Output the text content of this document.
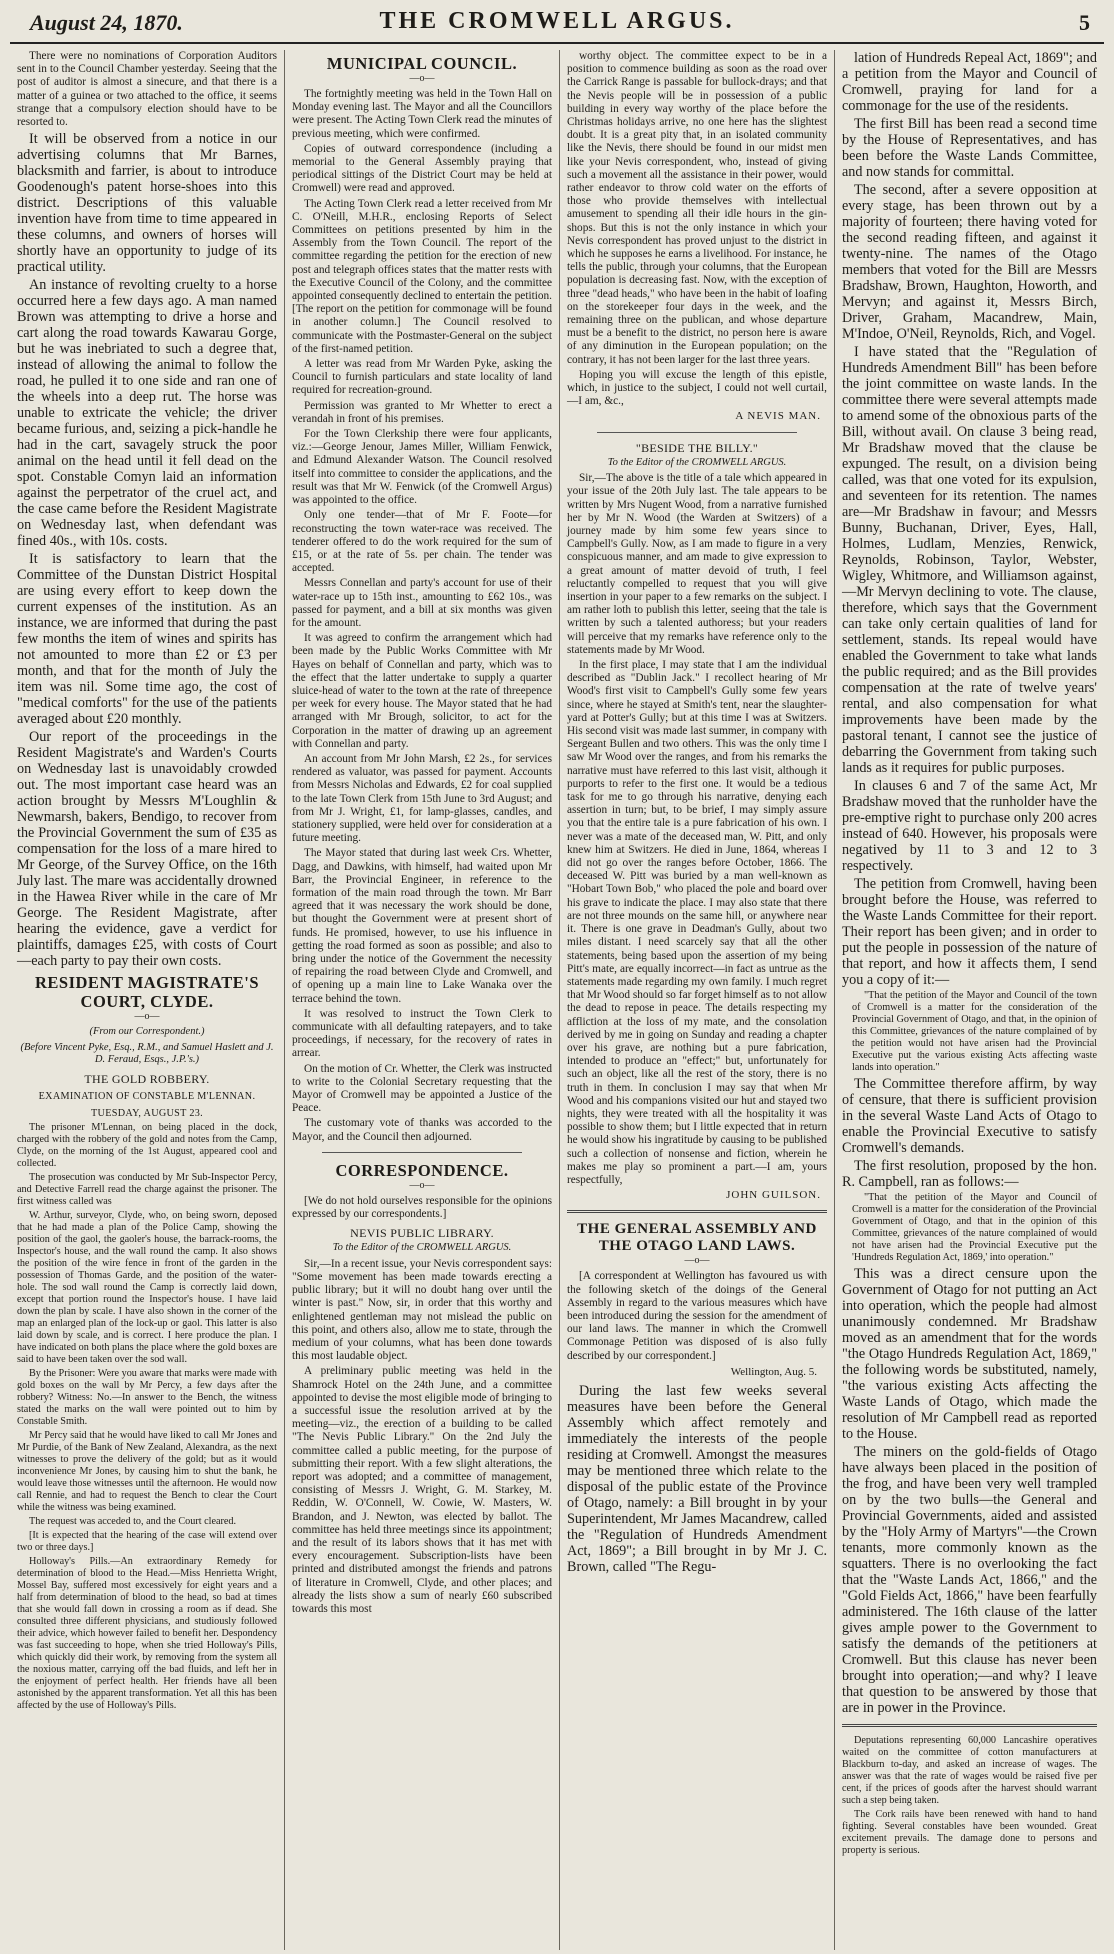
August 24, 1870.	THE CROMWELL ARGUS.	5

There were no nominations of Corporation Auditors sent in to the Council Chamber yesterday. Seeing that the post of auditor is almost a sinecure, and that there is a matter of a guinea or two attached to the office, it seems strange that a compulsory election should have to be resorted to.

It will be observed from a notice in our advertising columns that Mr Barnes, blacksmith and farrier, is about to introduce Goodenough's patent horse-shoes into this district. Descriptions of this valuable invention have from time to time appeared in these columns, and owners of horses will shortly have an opportunity to judge of its practical utility.

An instance of revolting cruelty to a horse occurred here a few days ago. A man named Brown was attempting to drive a horse and cart along the road towards Kawarau Gorge, but he was inebriated to such a degree that, instead of allowing the animal to follow the road, he pulled it to one side and ran one of the wheels into a deep rut. The horse was unable to extricate the vehicle; the driver became furious, and, seizing a pick-handle he had in the cart, savagely struck the poor animal on the head until it fell dead on the spot. Constable Comyn laid an information against the perpetrator of the cruel act, and the case came before the Resident Magistrate on Wednesday last, when defendant was fined 40s., with 10s. costs.

It is satisfactory to learn that the Committee of the Dunstan District Hospital are using every effort to keep down the current expenses of the institution. As an instance, we are informed that during the past few months the item of wines and spirits has not amounted to more than £2 or £3 per month, and that for the month of July the item was nil. Some time ago, the cost of "medical comforts" for the use of the patients averaged about £20 monthly.

Our report of the proceedings in the Resident Magistrate's and Warden's Courts on Wednesday last is unavoidably crowded out. The most important case heard was an action brought by Messrs M'Loughlin & Newmarsh, bakers, Bendigo, to recover from the Provincial Government the sum of £35 as compensation for the loss of a mare hired to Mr George, of the Survey Office, on the 16th July last. The mare was accidentally drowned in the Hawea River while in the care of Mr George. The Resident Magistrate, after hearing the evidence, gave a verdict for plaintiffs, damages £25, with costs of Court—each party to pay their own costs.

RESIDENT MAGISTRATE'S COURT, CLYDE.
—o—
(From our Correspondent.)
(Before Vincent Pyke, Esq., R.M., and Samuel Haslett and J. D. Feraud, Esqs., J.P.'s.)
THE GOLD ROBBERY.
EXAMINATION OF CONSTABLE M'LENNAN.
TUESDAY, AUGUST 23.

The prisoner M'Lennan, on being placed in the dock, charged with the robbery of the gold and notes from the Camp, Clyde, on the morning of the 1st August, appeared cool and collected.

The prosecution was conducted by Mr Sub-Inspector Percy, and Detective Farrell read the charge against the prisoner. The first witness called was

W. Arthur, surveyor, Clyde, who, on being sworn, deposed that he had made a plan of the Police Camp, showing the position of the gaol, the gaoler's house, the barrack-rooms, the Inspector's house, and the wall round the camp. It also shows the position of the wire fence in front of the garden in the possession of Thomas Garde, and the position of the water-hole. The sod wall round the Camp is correctly laid down, except that portion round the Inspector's house. I have laid down the plan by scale. I have also shown in the corner of the map an enlarged plan of the lock-up or gaol. This latter is also laid down by scale, and is correct. I here produce the plan. I have indicated on both plans the place where the gold boxes are said to have been taken over the sod wall.

By the Prisoner: Were you aware that marks were made with gold boxes on the wall by Mr Percy, a few days after the robbery? Witness: No.—In answer to the Bench, the witness stated the marks on the wall were pointed out to him by Constable Smith.

Mr Percy said that he would have liked to call Mr Jones and Mr Purdie, of the Bank of New Zealand, Alexandra, as the next witnesses to prove the delivery of the gold; but as it would inconvenience Mr Jones, by causing him to shut the bank, he would leave those witnesses until the afternoon. He would now call Rennie, and had to request the Bench to clear the Court while the witness was being examined.

The request was acceded to, and the Court cleared.

[It is expected that the hearing of the case will extend over two or three days.]

Holloway's Pills.—An extraordinary Remedy for determination of blood to the Head.—Miss Henrietta Wright, Mossel Bay, suffered most excessively for eight years and a half from determination of blood to the head, so bad at times that she would fall down in crossing a room as if dead. She consulted three different physicians, and studiously followed their advice, which however failed to benefit her. Despondency was fast succeeding to hope, when she tried Holloway's Pills, which quickly did their work, by removing from the system all the noxious matter, carrying off the bad fluids, and left her in the enjoyment of perfect health. Her friends have all been astonished by the apparent transformation. Yet all this has been affected by the use of Holloway's Pills.

MUNICIPAL COUNCIL.
—o—

The fortnightly meeting was held in the Town Hall on Monday evening last. The Mayor and all the Councillors were present. The Acting Town Clerk read the minutes of previous meeting, which were confirmed.

Copies of outward correspondence (including a memorial to the General Assembly praying that periodical sittings of the District Court may be held at Cromwell) were read and approved.

The Acting Town Clerk read a letter received from Mr C. O'Neill, M.H.R., enclosing Reports of Select Committees on petitions presented by him in the Assembly from the Town Council. The report of the committee regarding the petition for the erection of new post and telegraph offices states that the matter rests with the Executive Council of the Colony, and the committee appointed consequently declined to entertain the petition. [The report on the petition for commonage will be found in another column.] The Council resolved to communicate with the Postmaster-General on the subject of the first-named petition.

A letter was read from Mr Warden Pyke, asking the Council to furnish particulars and state locality of land required for recreation-ground.

Permission was granted to Mr Whetter to erect a verandah in front of his premises.

For the Town Clerkship there were four applicants, viz.:—George Jenour, James Miller, William Fenwick, and Edmund Alexander Watson. The Council resolved itself into committee to consider the applications, and the result was that Mr W. Fenwick (of the Cromwell Argus) was appointed to the office.

Only one tender—that of Mr F. Foote—for reconstructing the town water-race was received. The tenderer offered to do the work required for the sum of £15, or at the rate of 5s. per chain. The tender was accepted.

Messrs Connellan and party's account for use of their water-race up to 15th inst., amounting to £62 10s., was passed for payment, and a bill at six months was given for the amount.

It was agreed to confirm the arrangement which had been made by the Public Works Committee with Mr Hayes on behalf of Connellan and party, which was to the effect that the latter undertake to supply a quarter sluice-head of water to the town at the rate of threepence per week for every house. The Mayor stated that he had arranged with Mr Brough, solicitor, to act for the Corporation in the matter of drawing up an agreement with Connellan and party.

An account from Mr John Marsh, £2 2s., for services rendered as valuator, was passed for payment. Accounts from Messrs Nicholas and Edwards, £2 for coal supplied to the late Town Clerk from 15th June to 3rd August; and from Mr J. Wright, £1, for lamp-glasses, candles, and stationery supplied, were held over for consideration at a future meeting.

The Mayor stated that during last week Crs. Whetter, Dagg, and Dawkins, with himself, had waited upon Mr Barr, the Provincial Engineer, in reference to the formation of the main road through the town. Mr Barr agreed that it was necessary the work should be done, but thought the Government were at present short of funds. He promised, however, to use his influence in getting the road formed as soon as possible; and also to bring under the notice of the Government the necessity of repairing the road between Clyde and Cromwell, and of opening up a main line to Lake Wanaka over the terrace behind the town.

It was resolved to instruct the Town Clerk to communicate with all defaulting ratepayers, and to take proceedings, if necessary, for the recovery of rates in arrear.

On the motion of Cr. Whetter, the Clerk was instructed to write to the Colonial Secretary requesting that the Mayor of Cromwell may be appointed a Justice of the Peace.

The customary vote of thanks was accorded to the Mayor, and the Council then adjourned.

CORRESPONDENCE.
—o—

[We do not hold ourselves responsible for the opinions expressed by our correspondents.]

NEVIS PUBLIC LIBRARY.
To the Editor of the CROMWELL ARGUS.

Sir,—In a recent issue, your Nevis correspondent says: "Some movement has been made towards erecting a public library; but it will no doubt hang over until the winter is past." Now, sir, in order that this worthy and enlightened gentleman may not mislead the public on this point, and others also, allow me to state, through the medium of your columns, what has been done towards this most laudable object.

A preliminary public meeting was held in the Shamrock Hotel on the 24th June, and a committee appointed to devise the most eligible mode of bringing to a successful issue the resolution arrived at by the meeting—viz., the erection of a building to be called "The Nevis Public Library." On the 2nd July the committee called a public meeting, for the purpose of submitting their report. With a few slight alterations, the report was adopted; and a committee of management, consisting of Messrs J. Wright, G. M. Starkey, M. Reddin, W. O'Connell, W. Cowie, W. Masters, W. Brandon, and J. Newton, was elected by ballot. The committee has held three meetings since its appointment; and the result of its labors shows that it has met with every encouragement. Subscription-lists have been printed and distributed amongst the friends and patrons of literature in Cromwell, Clyde, and other places; and already the lists show a sum of nearly £60 subscribed towards this most

worthy object. The committee expect to be in a position to commence building as soon as the road over the Carrick Range is passable for bullock-drays; and that the Nevis people will be in possession of a public building in every way worthy of the place before the Christmas holidays arrive, no one here has the slightest doubt. It is a great pity that, in an isolated community like the Nevis, there should be found in our midst men like your Nevis correspondent, who, instead of giving such a movement all the assistance in their power, would rather endeavor to throw cold water on the efforts of those who provide themselves with intellectual amusement to spending all their idle hours in the gin-shops. But this is not the only instance in which your Nevis correspondent has proved unjust to the district in which he supposes he earns a livelihood. For instance, he tells the public, through your columns, that the European population is decreasing fast. Now, with the exception of three "dead heads," who have been in the habit of loafing on the storekeeper four days in the week, and the remaining three on the publican, and whose departure must be a benefit to the district, no person here is aware of any diminution in the European population; on the contrary, it has not been larger for the last three years.

Hoping you will excuse the length of this epistle, which, in justice to the subject, I could not well curtail,—I am, &c.,

A NEVIS MAN.
"BESIDE THE BILLY."
To the Editor of the CROMWELL ARGUS.

Sir,—The above is the title of a tale which appeared in your issue of the 20th July last. The tale appears to be written by Mrs Nugent Wood, from a narrative furnished her by Mr N. Wood (the Warden at Switzers) of a journey made by him some few years since to Campbell's Gully. Now, as I am made to figure in a very conspicuous manner, and am made to give expression to a great amount of matter devoid of truth, I feel reluctantly compelled to request that you will give insertion in your paper to a few remarks on the subject. I am rather loth to publish this letter, seeing that the tale is written by such a talented authoress; but your readers will perceive that my remarks have reference only to the statements made by Mr Wood.

In the first place, I may state that I am the individual described as "Dublin Jack." I recollect hearing of Mr Wood's first visit to Campbell's Gully some few years since, where he stayed at Smith's tent, near the slaughter-yard at Potter's Gully; but at this time I was at Switzers. His second visit was made last summer, in company with Sergeant Bullen and two others. This was the only time I saw Mr Wood over the ranges, and from his remarks the narrative must have referred to this last visit, although it purports to refer to the first one. It would be a tedious task for me to go through his narrative, denying each assertion in turn; but, to be brief, I may simply assure you that the entire tale is a pure fabrication of his own. I never was a mate of the deceased man, W. Pitt, and only knew him at Switzers. He died in June, 1864, whereas I did not go over the ranges before October, 1866. The deceased W. Pitt was buried by a man well-known as "Hobart Town Bob," who placed the pole and board over his grave to indicate the place. I may also state that there are not three mounds on the same hill, or anywhere near it. There is one grave in Deadman's Gully, about two miles distant. I need scarcely say that all the other statements, being based upon the assertion of my being Pitt's mate, are equally incorrect—in fact as untrue as the statements made regarding my own family. I much regret that Mr Wood should so far forget himself as to not allow the dead to repose in peace. The details respecting my affliction at the loss of my mate, and the consolation derived by me in going on Sunday and reading a chapter over his grave, are nothing but a pure fabrication, intended to produce an "effect;" but, unfortunately for such an object, like all the rest of the story, there is no truth in them. In conclusion I may say that when Mr Wood and his companions visited our hut and stayed two nights, they were treated with all the hospitality it was possible to show them; but I little expected that in return he would show his ingratitude by causing to be published such a collection of nonsense and fiction, wherein he makes me play so prominent a part.—I am, yours respectfully,

JOHN GUILSON.
THE GENERAL ASSEMBLY AND THE OTAGO LAND LAWS.
—o—

[A correspondent at Wellington has favoured us with the following sketch of the doings of the General Assembly in regard to the various measures which have been introduced during the session for the amendment of our land laws. The manner in which the Cromwell Commonage Petition was disposed of is also fully described by our correspondent.]

Wellington, Aug. 5.

During the last few weeks several measures have been before the General Assembly which affect remotely and immediately the interests of the people residing at Cromwell. Amongst the measures may be mentioned three which relate to the disposal of the public estate of the Province of Otago, namely: a Bill brought in by your Superintendent, Mr James Macandrew, called the "Regulation of Hundreds Amendment Act, 1869"; a Bill brought in by Mr J. C. Brown, called "The Regu-

lation of Hundreds Repeal Act, 1869"; and a petition from the Mayor and Council of Cromwell, praying for land for a commonage for the use of the residents.

The first Bill has been read a second time by the House of Representatives, and has been before the Waste Lands Committee, and now stands for committal.

The second, after a severe opposition at every stage, has been thrown out by a majority of fourteen; there having voted for the second reading fifteen, and against it twenty-nine. The names of the Otago members that voted for the Bill are Messrs Bradshaw, Brown, Haughton, Howorth, and Mervyn; and against it, Messrs Birch, Driver, Graham, Macandrew, Main, M'Indoe, O'Neil, Reynolds, Rich, and Vogel.

I have stated that the "Regulation of Hundreds Amendment Bill" has been before the joint committee on waste lands. In the committee there were several attempts made to amend some of the obnoxious parts of the Bill, without avail. On clause 3 being read, Mr Bradshaw moved that the clause be expunged. The result, on a division being called, was that one voted for its expulsion, and seventeen for its retention. The names are—Mr Bradshaw in favour; and Messrs Bunny, Buchanan, Driver, Eyes, Hall, Holmes, Ludlam, Menzies, Renwick, Reynolds, Robinson, Taylor, Webster, Wigley, Whitmore, and Williamson against,—Mr Mervyn declining to vote. The clause, therefore, which says that the Government can take only certain qualities of land for settlement, stands. Its repeal would have enabled the Government to take what lands the public required; and as the Bill provides compensation at the rate of twelve years' rental, and also compensation for what improvements have been made by the pastoral tenant, I cannot see the justice of debarring the Government from taking such lands as it requires for public purposes.

In clauses 6 and 7 of the same Act, Mr Bradshaw moved that the runholder have the pre-emptive right to purchase only 200 acres instead of 640. However, his proposals were negatived by 11 to 3 and 12 to 3 respectively.

The petition from Cromwell, having been brought before the House, was referred to the Waste Lands Committee for their report. Their report has been given; and in order to put the people in possession of the nature of that report, and how it affects them, I send you a copy of it:—

"That the petition of the Mayor and Council of the town of Cromwell is a matter for the consideration of the Provincial Government of Otago, and that, in the opinion of this Committee, grievances of the nature complained of by the petition would not have arisen had the Provincial Executive put the various existing Acts affecting waste lands into operation."

The Committee therefore affirm, by way of censure, that there is sufficient provision in the several Waste Land Acts of Otago to enable the Provincial Executive to satisfy Cromwell's demands.

The first resolution, proposed by the hon. R. Campbell, ran as follows:—

"That the petition of the Mayor and Council of Cromwell is a matter for the consideration of the Provincial Government of Otago, and that in the opinion of this Committee, grievances of the nature complained of would not have arisen had the Provincial Executive put the 'Hundreds Regulation Act, 1869,' into operation."

This was a direct censure upon the Government of Otago for not putting an Act into operation, which the people had almost unanimously condemned. Mr Bradshaw moved as an amendment that for the words "the Otago Hundreds Regulation Act, 1869," the following words be substituted, namely, "the various existing Acts affecting the Waste Lands of Otago, which made the resolution of Mr Campbell read as reported to the House.

The miners on the gold-fields of Otago have always been placed in the position of the frog, and have been very well trampled on by the two bulls—the General and Provincial Governments, aided and assisted by the "Holy Army of Martyrs"—the Crown tenants, more commonly known as the squatters. There is no overlooking the fact that the "Waste Lands Act, 1866," and the "Gold Fields Act, 1866," have been fearfully administered. The 16th clause of the latter gives ample power to the Government to satisfy the demands of the petitioners at Cromwell. But this clause has never been brought into operation;—and why? I leave that question to be answered by those that are in power in the Province.

Deputations representing 60,000 Lancashire operatives waited on the committee of cotton manufacturers at Blackburn to-day, and asked an increase of wages. The answer was that the rate of wages would be raised five per cent, if the prices of goods after the harvest should warrant such a step being taken.

The Cork rails have been renewed with hand to hand fighting. Several constables have been wounded. Great excitement prevails. The damage done to persons and property is serious.
